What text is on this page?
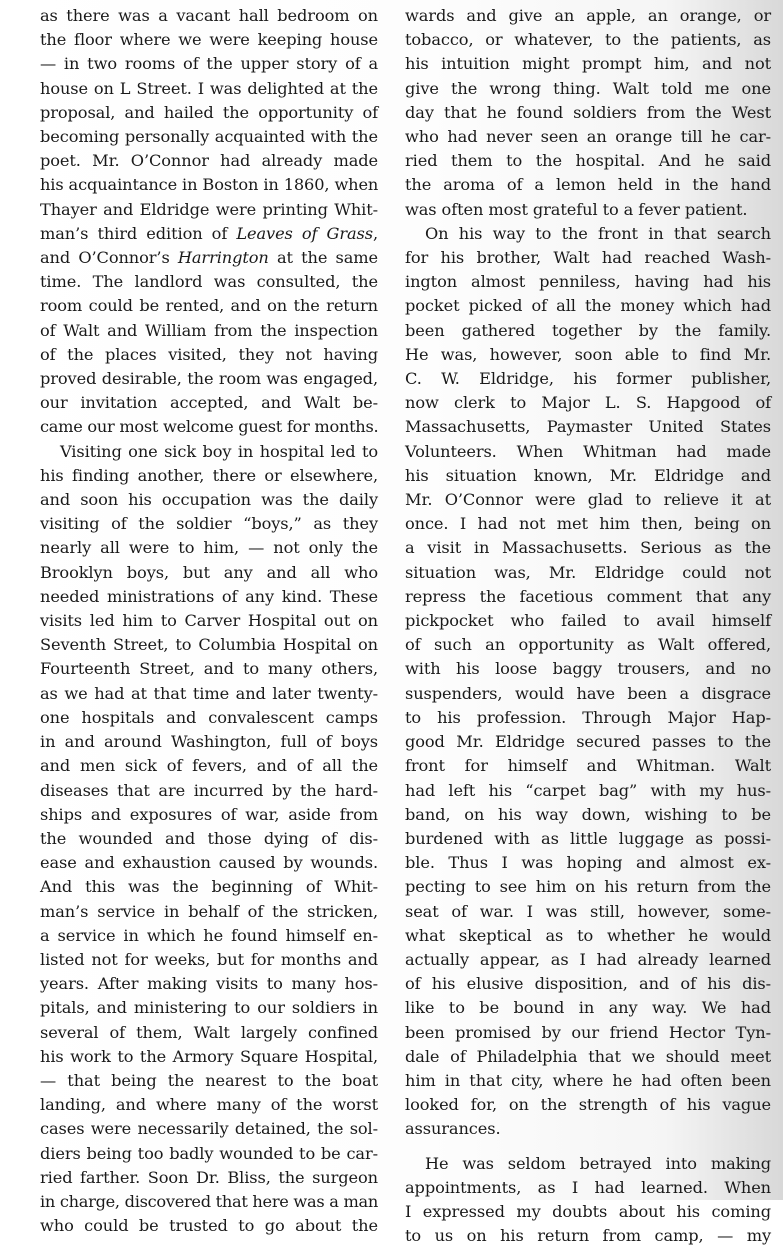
as there was a vacant hall bedroom on
the floor where we were keeping house
— in two rooms of the upper story of a
house on L Street. I was delighted at the
proposal, and hailed the opportunity of
becoming personally acquainted with the
poet. Mr. O’Connor had already made
his acquaintance in Boston in 1860, when
Thayer and Eldridge were printing Whit-
man’s third edition of Leaves of Grass,
and O’Connor’s Harrington at the same
time. The landlord was consulted, the
room could be rented, and on the return
of Walt and William from the inspection
of the places visited, they not having
proved desirable, the room was engaged,
our invitation accepted, and Walt be-
came our most welcome guest for months.
Visiting one sick boy in hospital led to
his finding another, there or elsewhere,
and soon his occupation was the daily
visiting of the soldier “boys,” as they
nearly all were to him, — not only the
Brooklyn boys, but any and all who
needed ministrations of any kind. These
visits led him to Carver Hospital out on
Seventh Street, to Columbia Hospital on
Fourteenth Street, and to many others,
as we had at that time and later twenty-
one hospitals and convalescent camps
in and around Washington, full of boys
and men sick of fevers, and of all the
diseases that are incurred by the hard-
ships and exposures of war, aside from
the wounded and those dying of dis-
ease and exhaustion caused by wounds.
And this was the beginning of Whit-
man’s service in behalf of the stricken,
a service in which he found himself en-
listed not for weeks, but for months and
years. After making visits to many hos-
pitals, and ministering to our soldiers in
several of them, Walt largely confined
his work to the Armory Square Hospital,
— that being the nearest to the boat
landing, and where many of the worst
cases were necessarily detained, the sol-
diers being too badly wounded to be car-
ried farther. Soon Dr. Bliss, the surgeon
in charge, discovered that here was a man
who could be trusted to go about the
wards and give an apple, an orange, or
tobacco, or whatever, to the patients, as
his intuition might prompt him, and not
give the wrong thing. Walt told me one
day that he found soldiers from the West
who had never seen an orange till he car-
ried them to the hospital. And he said
the aroma of a lemon held in the hand
was often most grateful to a fever patient.
On his way to the front in that search
for his brother, Walt had reached Wash-
ington almost penniless, having had his
pocket picked of all the money which had
been gathered together by the family.
He was, however, soon able to find Mr.
C. W. Eldridge, his former publisher,
now clerk to Major L. S. Hapgood of
Massachusetts, Paymaster United States
Volunteers. When Whitman had made
his situation known, Mr. Eldridge and
Mr. O’Connor were glad to relieve it at
once. I had not met him then, being on
a visit in Massachusetts. Serious as the
situation was, Mr. Eldridge could not
repress the facetious comment that any
pickpocket who failed to avail himself
of such an opportunity as Walt offered,
with his loose baggy trousers, and no
suspenders, would have been a disgrace
to his profession. Through Major Hap-
good Mr. Eldridge secured passes to the
front for himself and Whitman. Walt
had left his “carpet bag” with my hus-
band, on his way down, wishing to be
burdened with as little luggage as possi-
ble. Thus I was hoping and almost ex-
pecting to see him on his return from the
seat of war. I was still, however, some-
what skeptical as to whether he would
actually appear, as I had already learned
of his elusive disposition, and of his dis-
like to be bound in any way. We had
been promised by our friend Hector Tyn-
dale of Philadelphia that we should meet
him in that city, where he had often been
looked for, on the strength of his vague
assurances.
He was seldom betrayed into making
appointments, as I had learned. When
I expressed my doubts about his coming
to us on his return from camp, — my
